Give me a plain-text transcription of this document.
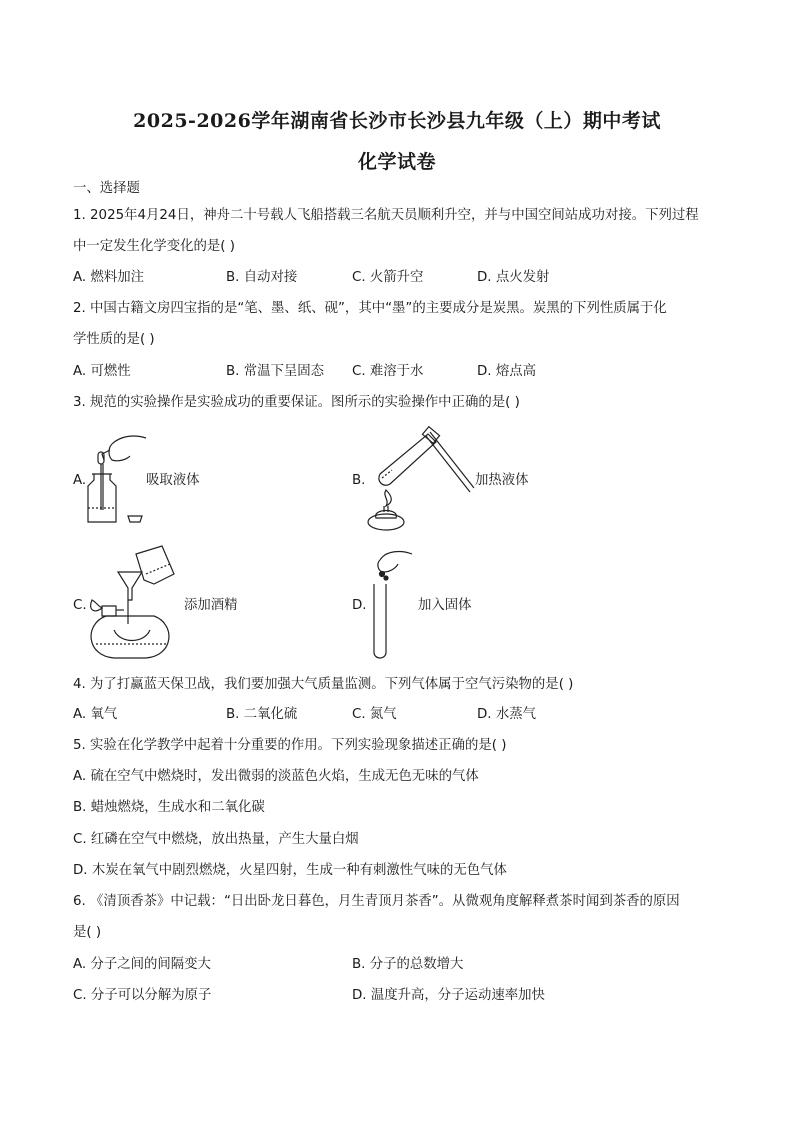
2025-2026学年湖南省长沙市长沙县九年级（上）期中考试
化学试卷
一、选择题
1. 2025年4月24日，神舟二十号载人飞船搭载三名航天员顺利升空，并与中国空间站成功对接。下列过程
中一定发生化学变化的是( )
A. 燃料加注	B. 自动对接	C. 火箭升空	D. 点火发射
2. 中国古籍文房四宝指的是“笔、墨、纸、砚”，其中“墨”的主要成分是炭黑。炭黑的下列性质属于化
学性质的是( )
A. 可燃性	B. 常温下呈固态 C. 难溶于水	D. 熔点高
3. 规范的实验操作是实验成功的重要保证。图所示的实验操作中正确的是( )
A.	吸取液体	B.	加热液体
C.	添加酒精	D.	加入固体
4. 为了打赢蓝天保卫战，我们要加强大气质量监测。下列气体属于空气污染物的是( )
A. 氧气	B. 二氧化硫	C. 氮气	D. 水蒸气
5. 实验在化学教学中起着十分重要的作用。下列实验现象描述正确的是( )
A. 硫在空气中燃烧时，发出微弱的淡蓝色火焰，生成无色无味的气体
B. 蜡烛燃烧，生成水和二氧化碳
C. 红磷在空气中燃烧，放出热量，产生大量白烟
D. 木炭在氧气中剧烈燃烧，火星四射，生成一种有刺激性气味的无色气体
6. 《清顶香茶》中记载：“日出卧龙日暮色，月生青顶月茶香”。从微观角度解释煮茶时闻到茶香的原因
是( )
A. 分子之间的间隔变大	B. 分子的总数增大
C. 分子可以分解为原子	D. 温度升高，分子运动速率加快
